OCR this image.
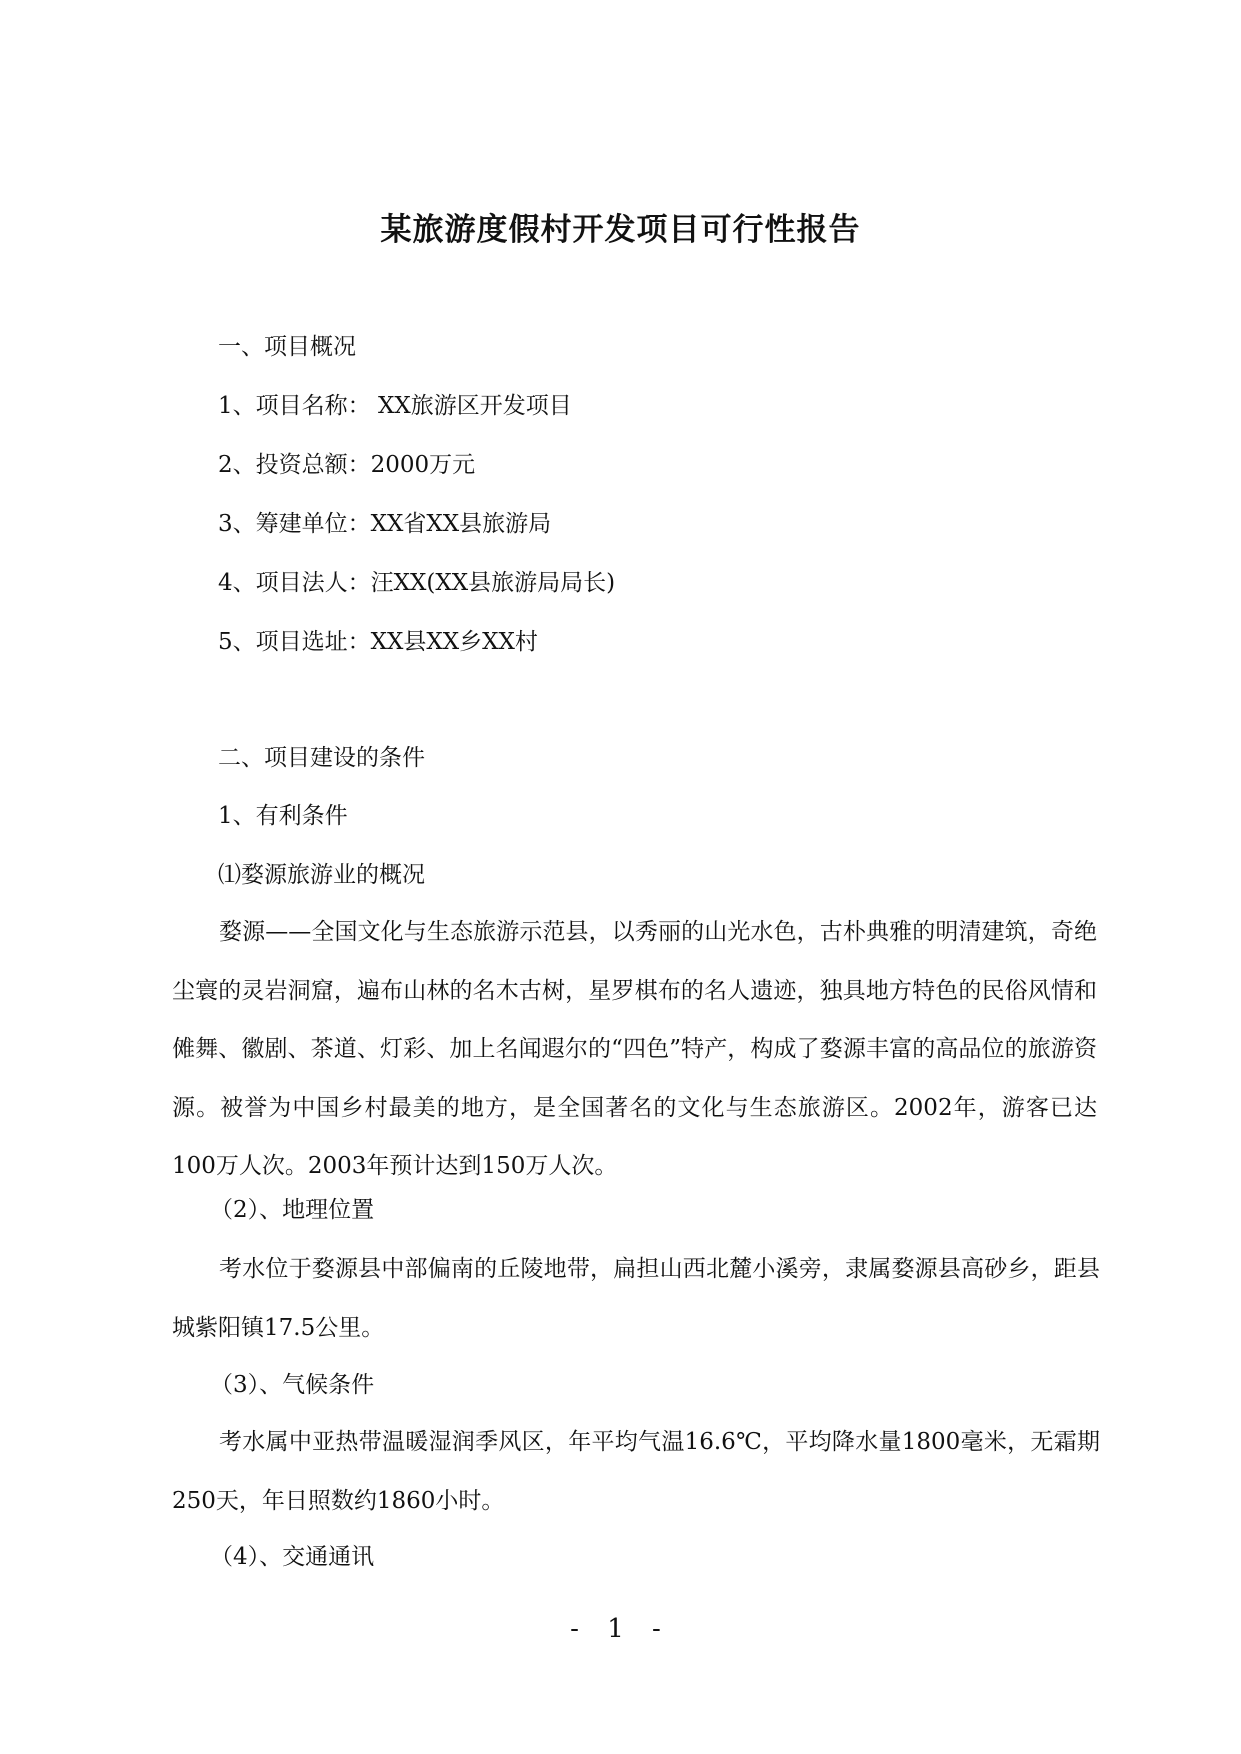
某旅游度假村开发项目可行性报告
一、项目概况
1、项目名称： XX旅游区开发项目
2、投资总额：2000万元
3、筹建单位：XX省XX县旅游局
4、项目法人：汪XX(XX县旅游局局长)
5、项目选址：XX县XX乡XX村
二、项目建设的条件
1、有利条件
⑴婺源旅游业的概况
婺源——全国文化与生态旅游示范县，以秀丽的山光水色，古朴典雅的明清建筑，奇绝尘寰的灵岩洞窟，遍布山林的名木古树，星罗棋布的名人遗迹，独具地方特色的民俗风情和傩舞、徽剧、茶道、灯彩、加上名闻遐尔的“四色”特产，构成了婺源丰富的高品位的旅游资源。被誉为中国乡村最美的地方，是全国著名的文化与生态旅游区。2002年，游客已达100万人次。2003年预计达到150万人次。
（2）、地理位置
考水位于婺源县中部偏南的丘陵地带，扁担山西北麓小溪旁，隶属婺源县高砂乡，距县城紫阳镇17.5公里。
（3）、气候条件
考水属中亚热带温暖湿润季风区，年平均气温16.6℃，平均降水量1800毫米，无霜期250天，年日照数约1860小时。
（4）、交通通讯
- 1 -
